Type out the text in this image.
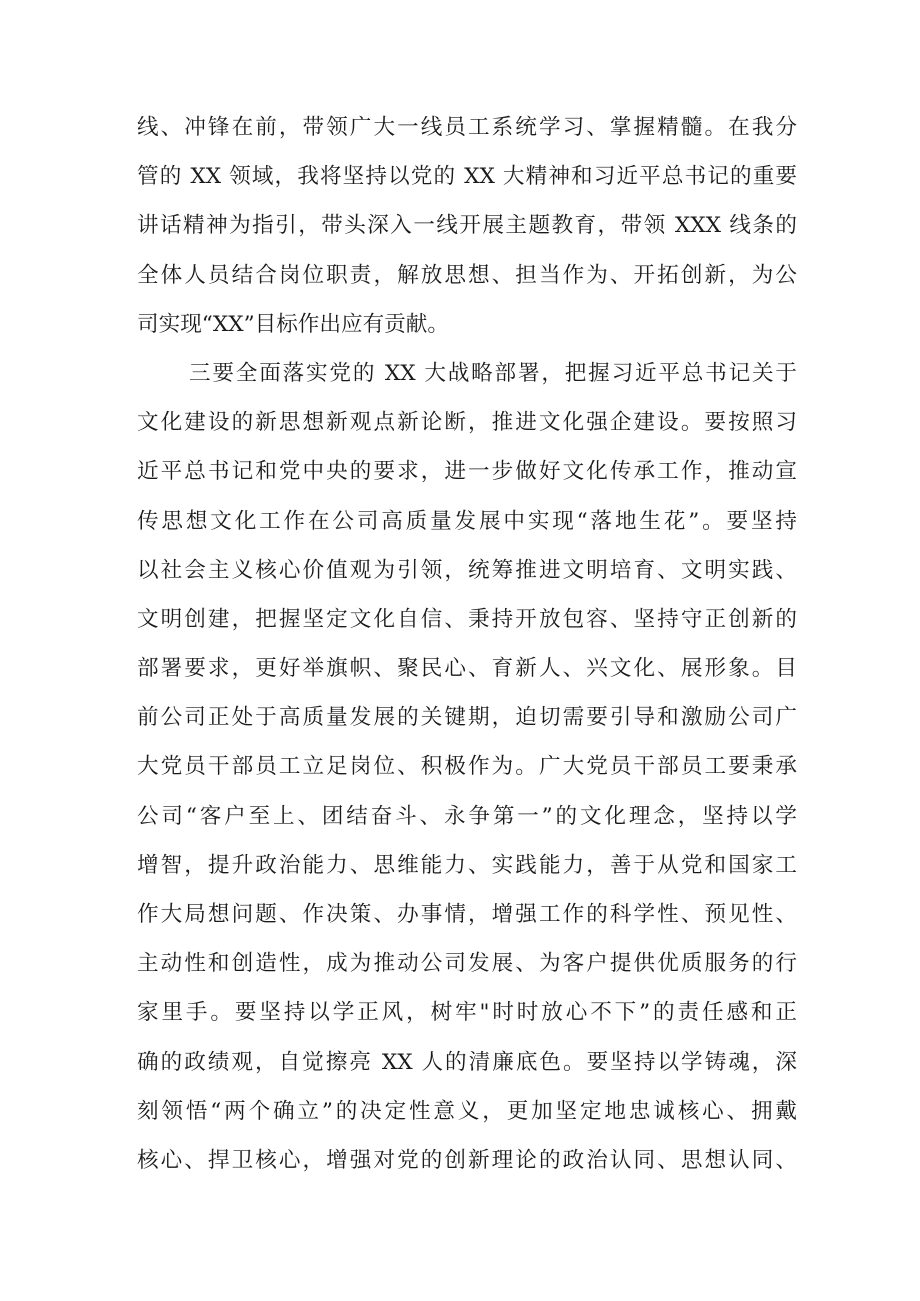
线、冲锋在前，带领广大一线员工系统学习、掌握精髓。在我分
管的 XX 领域，我将坚持以党的 XX 大精神和习近平总书记的重要
讲话精神为指引，带头深入一线开展主题教育，带领 XXX 线条的
全体人员结合岗位职责，解放思想、担当作为、开拓创新，为公
司实现“XX”目标作出应有贡献。
三要全面落实党的 XX 大战略部署，把握习近平总书记关于
文化建设的新思想新观点新论断，推进文化强企建设。要按照习
近平总书记和党中央的要求，进一步做好文化传承工作，推动宣
传思想文化工作在公司高质量发展中实现“落地生花”。要坚持
以社会主义核心价值观为引领，统筹推进文明培育、文明实践、
文明创建，把握坚定文化自信、秉持开放包容、坚持守正创新的
部署要求，更好举旗帜、聚民心、育新人、兴文化、展形象。目
前公司正处于高质量发展的关键期，迫切需要引导和激励公司广
大党员干部员工立足岗位、积极作为。广大党员干部员工要秉承
公司“客户至上、团结奋斗、永争第一”的文化理念，坚持以学
增智，提升政治能力、思维能力、实践能力，善于从党和国家工
作大局想问题、作决策、办事情，增强工作的科学性、预见性、
主动性和创造性，成为推动公司发展、为客户提供优质服务的行
家里手。要坚持以学正风，树牢"时时放心不下”的责任感和正
确的政绩观，自觉擦亮 XX 人的清廉底色。要坚持以学铸魂，深
刻领悟“两个确立”的决定性意义，更加坚定地忠诚核心、拥戴
核心、捍卫核心，增强对党的创新理论的政治认同、思想认同、
